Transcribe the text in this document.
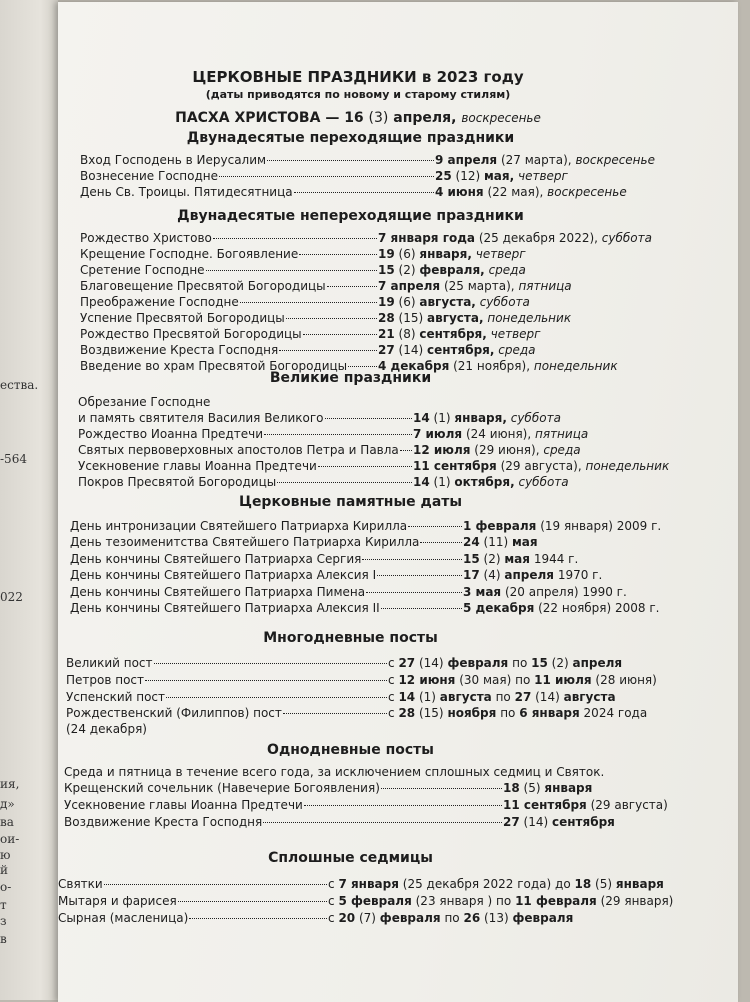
ества.
-564
022
ия,
д»
ва
ои-
ю
й
о-
т
з
в
ЦЕРКОВНЫЕ ПРАЗДНИКИ в 2023 году
(даты приводятся по новому и старому стилям)
ПАСХА ХРИСТОВА — 16 (3) апреля, воскресенье
Двунадесятые переходящие праздники
Вход Господень в Иерусалим	9 апреля (27 марта), воскресенье
Вознесение Господне	25 (12) мая, четверг
День Св. Троицы. Пятидесятница	4 июня (22 мая), воскресенье
Двунадесятые непереходящие праздники
Рождество Христово	7 января года (25 декабря 2022), суббота
Крещение Господне. Богоявление	19 (6) января, четверг
Сретение Господне	15 (2) февраля, среда
Благовещение Пресвятой Богородицы	7 апреля (25 марта), пятница
Преображение Господне	19 (6) августа, суббота
Успение Пресвятой Богородицы	28 (15) августа, понедельник
Рождество Пресвятой Богородицы	21 (8) сентября, четверг
Воздвижение Креста Господня	27 (14) сентября, среда
Введение во храм Пресвятой Богородицы	4 декабря (21 ноября), понедельник
Великие праздники
Обрезание Господне
и память святителя Василия Великого	14 (1) января, суббота
Рождество Иоанна Предтечи	7 июля (24 июня), пятница
Святых первоверховных апостолов Петра и Павла 12 июля (29 июня), среда
Усекновение главы Иоанна Предтечи	11 сентября (29 августа), понедельник
Покров Пресвятой Богородицы	14 (1) октября, суббота
Церковные памятные даты
День интронизации Святейшего Патриарха Кирилла	1 февраля (19 января) 2009 г.
День тезоименитства Святейшего Патриарха Кирилла	24 (11) мая
День кончины Святейшего Патриарха Сергия	15 (2) мая 1944 г.
День кончины Святейшего Патриарха Алексия I	17 (4) апреля 1970 г.
День кончины Святейшего Патриарха Пимена	3 мая (20 апреля) 1990 г.
День кончины Святейшего Патриарха Алексия II	5 декабря (22 ноября) 2008 г.
Многодневные посты
Великий пост	с 27 (14) февраля по 15 (2) апреля
Петров пост	с 12 июня (30 мая) по 11 июля (28 июня)
Успенский пост	с 14 (1) августа по 27 (14) августа
Рождественский (Филиппов) пост	с 28 (15) ноября по 6 января 2024 года
(24 декабря)
Однодневные посты
Среда и пятница в течение всего года, за исключением сплошных седмиц и Святок.
Крещенский сочельник (Навечерие Богоявления)	18 (5) января
Усекновение главы Иоанна Предтечи	11 сентября (29 августа)
Воздвижение Креста Господня	27 (14) сентября
Сплошные седмицы
Святки	с 7 января (25 декабря 2022 года) до 18 (5) января
Мытаря и фарисея	с 5 февраля (23 января ) по 11 февраля (29 января)
Сырная (масленица)	с 20 (7) февраля по 26 (13) февраля
